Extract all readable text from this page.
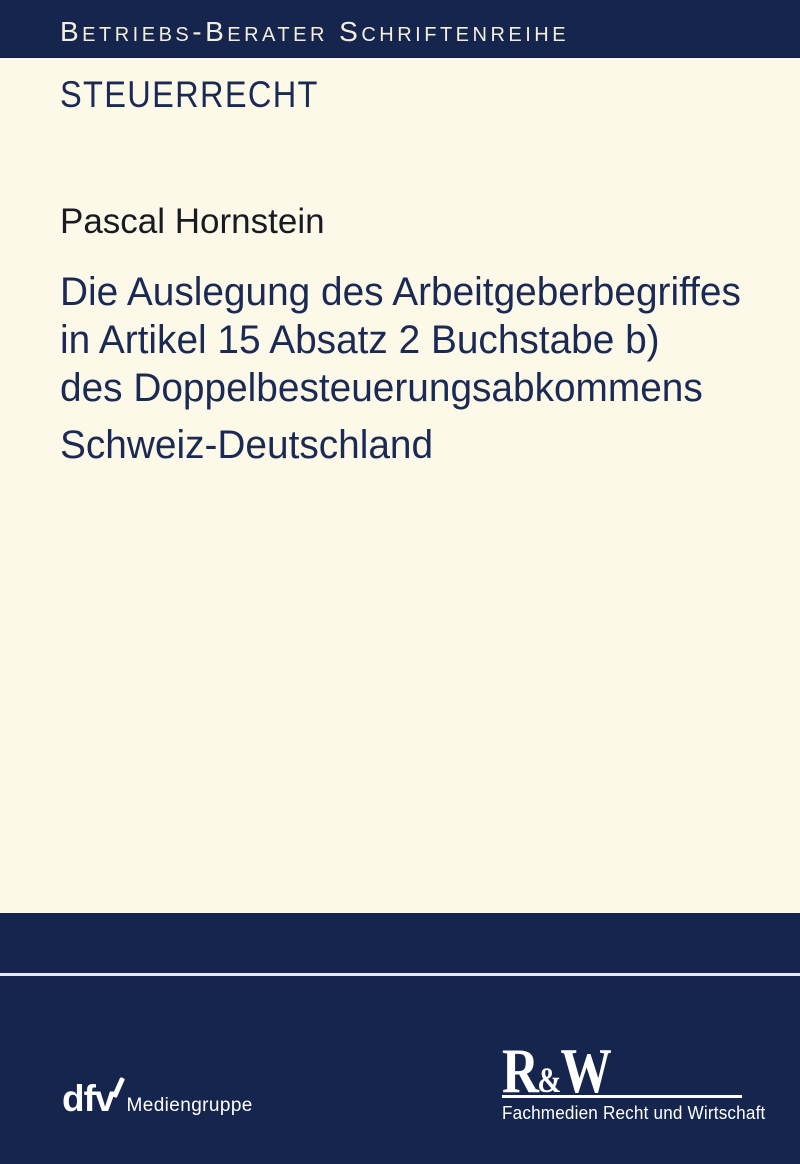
Betriebs-Berater Schriftenreihe
STEUERRECHT
Pascal Hornstein
Die Auslegung des Arbeitgeberbegriffes
in Artikel 15 Absatz 2 Buchstabe b)
des Doppelbesteuerungsabkommens
Schweiz-Deutschland
dfv Mediengruppe	R&W
Fachmedien Recht und Wirtschaft
